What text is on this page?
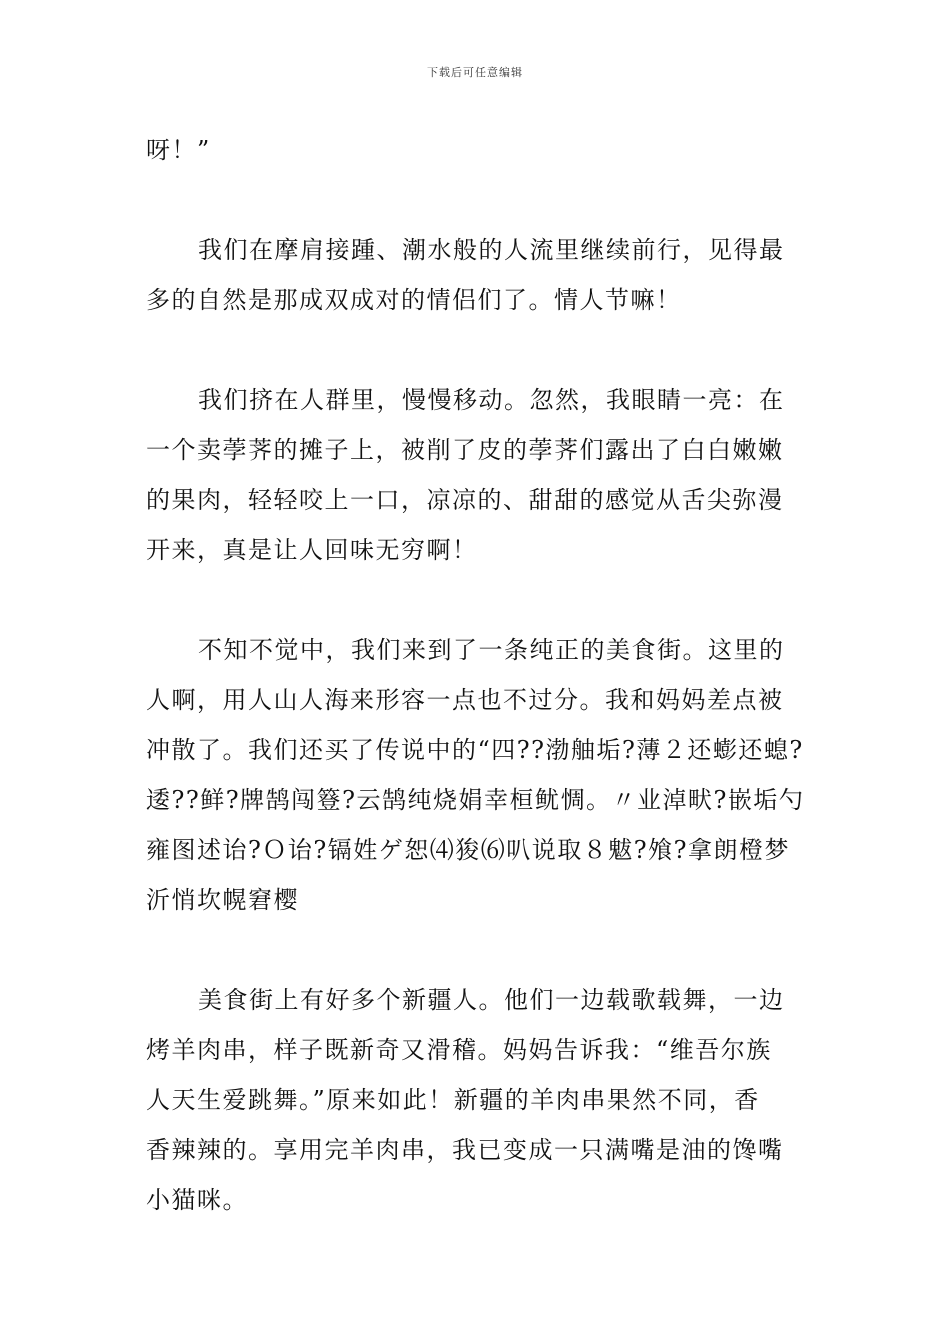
下载后可任意编辑
呀！”
我们在摩肩接踵、潮水般的人流里继续前行，见得最
多的自然是那成双成对的情侣们了。情人节嘛！
我们挤在人群里，慢慢移动。忽然，我眼睛一亮：在
一个卖荸荠的摊子上，被削了皮的荸荠们露出了白白嫩嫩
的果肉，轻轻咬上一口，凉凉的、甜甜的感觉从舌尖弥漫
开来，真是让人回味无穷啊！
不知不觉中，我们来到了一条纯正的美食街。这里的
人啊，用人山人海来形容一点也不过分。我和妈妈差点被
冲散了。我们还买了传说中的“四??渤舳垢?薄２还蟛还螅?
逶??鲜?牌鹄闯簦?云鹄纯烧娟幸桓鱿惆。〃业淖畎?嵌垢勺
雍图述诒?Ｏ诒?镉姓ゲ恕⑷狻⑹叭说取８魃?飧?拿朗橙梦
沂悄坎幌窘樱
美食街上有好多个新疆人。他们一边载歌载舞，一边
烤羊肉串，样子既新奇又滑稽。妈妈告诉我：“维吾尔族
人天生爱跳舞。”原来如此！新疆的羊肉串果然不同，香
香辣辣的。享用完羊肉串，我已变成一只满嘴是油的馋嘴
小猫咪。
